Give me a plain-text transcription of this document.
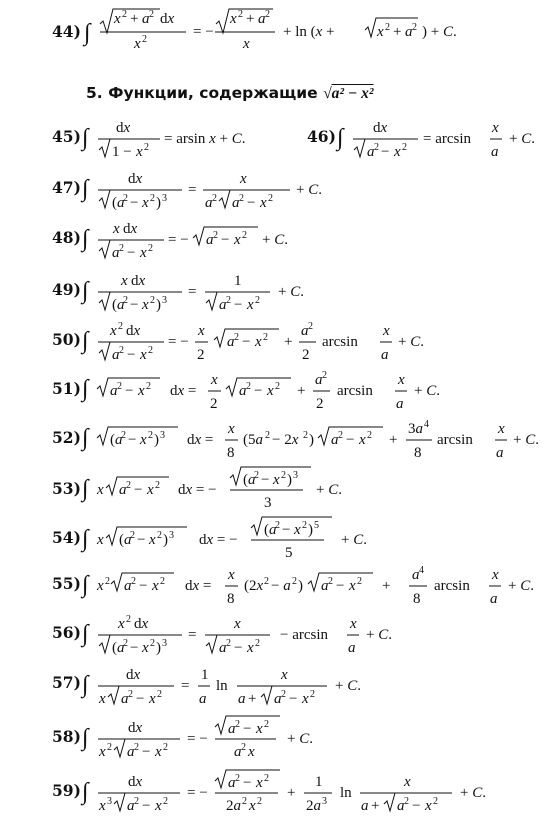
5. Функции, содержащие √a² − x²
44)
45)	46)
47)
48)
49)
50)
51)
52)
53)
54)
55)
56)
57)
58)
59)
∫
x 2 + a 2 dx
x 2	= −
x 2 + a 2
x
+ ln (x +	x 2 + a 2 ) + C.
∫ dx
1 − x 2
= arsin x + C.	∫ dx
a 2 − x 2
= arcsin
x
a
+ C.
∫	dx
(a
2 − x 2 ) 3
=
x
a 2 a 2 − x 2
+ C.
∫ x dx
a 2 − x 2
= − a 2 − x 2 + C.
∫ x dx
(a
2 − x 2 ) 3
=
1
a 2 − x 2
+ C.
∫ x 2 dx
a 2 − x 2
= −
x
2
a 2 − x 2 +
a 2
2
arcsin
x
a
+ C.
∫ a 2 − x 2 dx =
x
2
a 2 − x 2 +
a 2
2
arcsin
x
a
+ C.
∫ (a
2 − x 2 ) 3 dx =
x
8
(5a 2 − 2x 2 ) a 2 − x 2 +
3a 4
8
arcsin
x
a
+ C.
∫ x a 2 − x 2 dx = −
(a
2 − x 2 ) 3
3
+ C.
∫ x (a
2 − x 2 ) 3 dx = −
(a
2 − x 2 ) 5
5
+ C.
∫ x 2 a 2 − x 2 dx =
x
8
(2x 2 − a 2 ) a 2 − x 2 +
a 4
8
arcsin
x
a
+ C.
∫ x 2 dx
(a
2 − x 2 ) 3
=
x
a 2 − x 2
− arcsin
x
a
+ C.
∫ dx
x a 2 − x 2
=
1
a
ln
x
a + a 2 − x 2
+ C.
∫	dx
x 2 a 2 − x 2
= −
a 2 − x 2
a 2 x
+ C.
∫	dx
x 3 a 2 − x 2
= −
a 2 − x 2
2a 2 x 2
+
1
2a 3
ln
x
a + a 2 − x 2
+ C.
